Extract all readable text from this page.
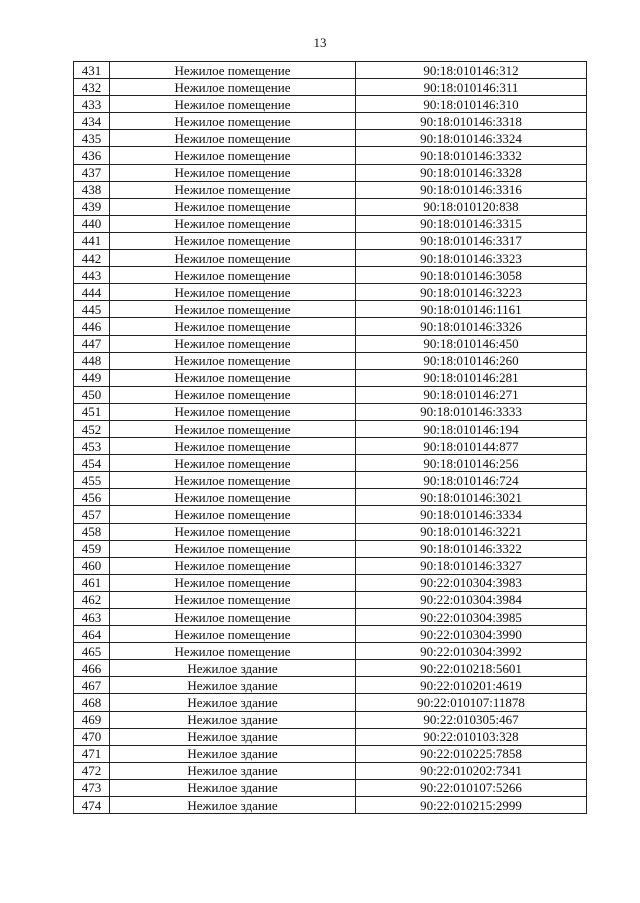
13
431	Нежилое помещение	90:18:010146:312
432	Нежилое помещение	90:18:010146:311
433	Нежилое помещение	90:18:010146:310
434	Нежилое помещение	90:18:010146:3318
435	Нежилое помещение	90:18:010146:3324
436	Нежилое помещение	90:18:010146:3332
437	Нежилое помещение	90:18:010146:3328
438	Нежилое помещение	90:18:010146:3316
439	Нежилое помещение	90:18:010120:838
440	Нежилое помещение	90:18:010146:3315
441	Нежилое помещение	90:18:010146:3317
442	Нежилое помещение	90:18:010146:3323
443	Нежилое помещение	90:18:010146:3058
444	Нежилое помещение	90:18:010146:3223
445	Нежилое помещение	90:18:010146:1161
446	Нежилое помещение	90:18:010146:3326
447	Нежилое помещение	90:18:010146:450
448	Нежилое помещение	90:18:010146:260
449	Нежилое помещение	90:18:010146:281
450	Нежилое помещение	90:18:010146:271
451	Нежилое помещение	90:18:010146:3333
452	Нежилое помещение	90:18:010146:194
453	Нежилое помещение	90:18:010144:877
454	Нежилое помещение	90:18:010146:256
455	Нежилое помещение	90:18:010146:724
456	Нежилое помещение	90:18:010146:3021
457	Нежилое помещение	90:18:010146:3334
458	Нежилое помещение	90:18:010146:3221
459	Нежилое помещение	90:18:010146:3322
460	Нежилое помещение	90:18:010146:3327
461	Нежилое помещение	90:22:010304:3983
462	Нежилое помещение	90:22:010304:3984
463	Нежилое помещение	90:22:010304:3985
464	Нежилое помещение	90:22:010304:3990
465	Нежилое помещение	90:22:010304:3992
466	Нежилое здание	90:22:010218:5601
467	Нежилое здание	90:22:010201:4619
468	Нежилое здание	90:22:010107:11878
469	Нежилое здание	90:22:010305:467
470	Нежилое здание	90:22:010103:328
471	Нежилое здание	90:22:010225:7858
472	Нежилое здание	90:22:010202:7341
473	Нежилое здание	90:22:010107:5266
474	Нежилое здание	90:22:010215:2999
